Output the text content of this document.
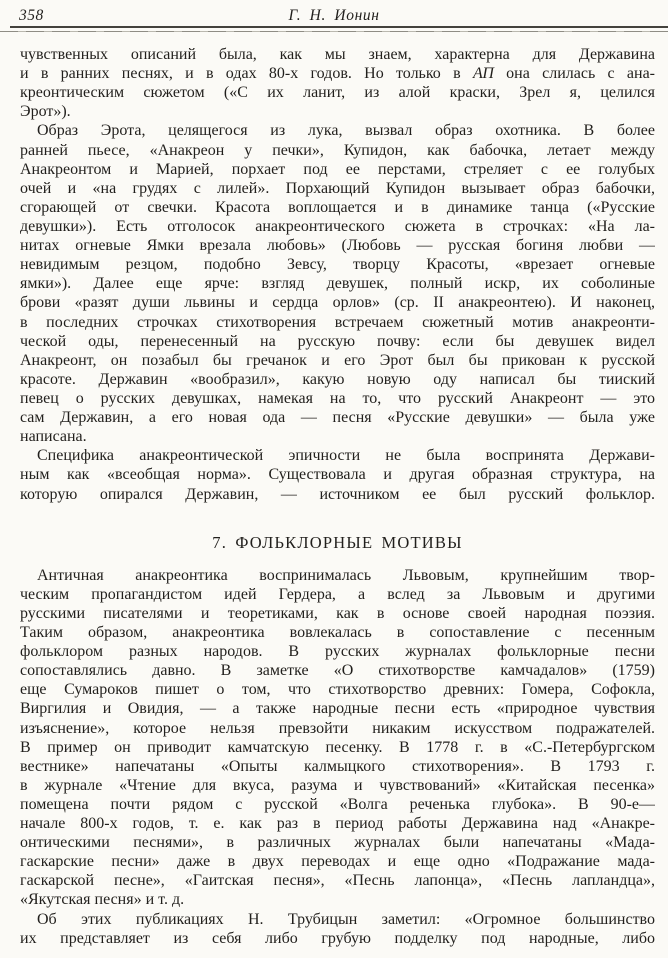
358	Г. Н. Ионин
чувственных описаний была, как мы знаем, характерна для Державина
и в ранних песнях, и в одах 80-х годов. Но только в АП она слилась с ана-
креонтическим сюжетом («С их ланит, из алой краски, Зрел я, целился
Эрот»).
Образ Эрота, целящегося из лука, вызвал образ охотника. В более
ранней пьесе, «Анакреон у печки», Купидон, как бабочка, летает между
Анакреонтом и Марией, порхает под ее перстами, стреляет с ее голубых
очей и «на грудях с лилей». Порхающий Купидон вызывает образ бабочки,
сгорающей от свечки. Красота воплощается и в динамике танца («Русские
девушки»). Есть отголосок анакреонтического сюжета в строчках: «На ла-
нитах огневые Ямки врезала любовь» (Любовь — русская богиня любви —
невидимым резцом, подобно Зевсу, творцу Красоты, «врезает огневые
ямки»). Далее еще ярче: взгляд девушек, полный искр, их соболиные
брови «разят души львины и сердца орлов» (ср. II анакреонтею). И наконец,
в последних строчках стихотворения встречаем сюжетный мотив анакреонти-
ческой оды, перенесенный на русскую почву: если бы девушек видел
Анакреонт, он позабыл бы гречанок и его Эрот был бы прикован к русской
красоте. Державин «вообразил», какую новую оду написал бы тииский
певец о русских девушках, намекая на то, что русский Анакреонт — это
сам Державин, а его новая ода — песня «Русские девушки» — была уже
написана.
Специфика анакреонтической эпичности не была воспринята Держави-
ным как «всеобщая норма». Существовала и другая образная структура, на
которую опирался Державин, — источником ее был русский фольклор.
7. ФОЛЬКЛОРНЫЕ МОТИВЫ
Античная анакреонтика воспринималась Львовым, крупнейшим твор-
ческим пропагандистом идей Гердера, а вслед за Львовым и другими
русскими писателями и теоретиками, как в основе своей народная поэзия.
Таким образом, анакреонтика вовлекалась в сопоставление с песенным
фольклором разных народов. В русских журналах фольклорные песни
сопоставлялись давно. В заметке «О стихотворстве камчадалов» (1759)
еще Сумароков пишет о том, что стихотворство древних: Гомера, Софокла,
Виргилия и Овидия, — а также народные песни есть «природное чувствия
изъяснение», которое нельзя превзойти никаким искусством подражателей.
В пример он приводит камчатскую песенку. В 1778 г. в «С.-Петербургском
вестнике» напечатаны «Опыты калмыцкого стихотворения». В 1793 г.
в журнале «Чтение для вкуса, разума и чувствований» «Китайская песенка»
помещена почти рядом с русской «Волга реченька глубока». В 90-е—
начале 800-х годов, т. е. как раз в период работы Державина над «Анакре-
онтическими песнями», в различных журналах были напечатаны «Мада-
гаскарские песни» даже в двух переводах и еще одно «Подражание мада-
гаскарской песне», «Гаитская песня», «Песнь лапонца», «Песнь лапландца»,
«Якутская песня» и т. д.
Об этих публикациях Н. Трубицын заметил: «Огромное большинство
их представляет из себя либо грубую подделку под народные, либо
